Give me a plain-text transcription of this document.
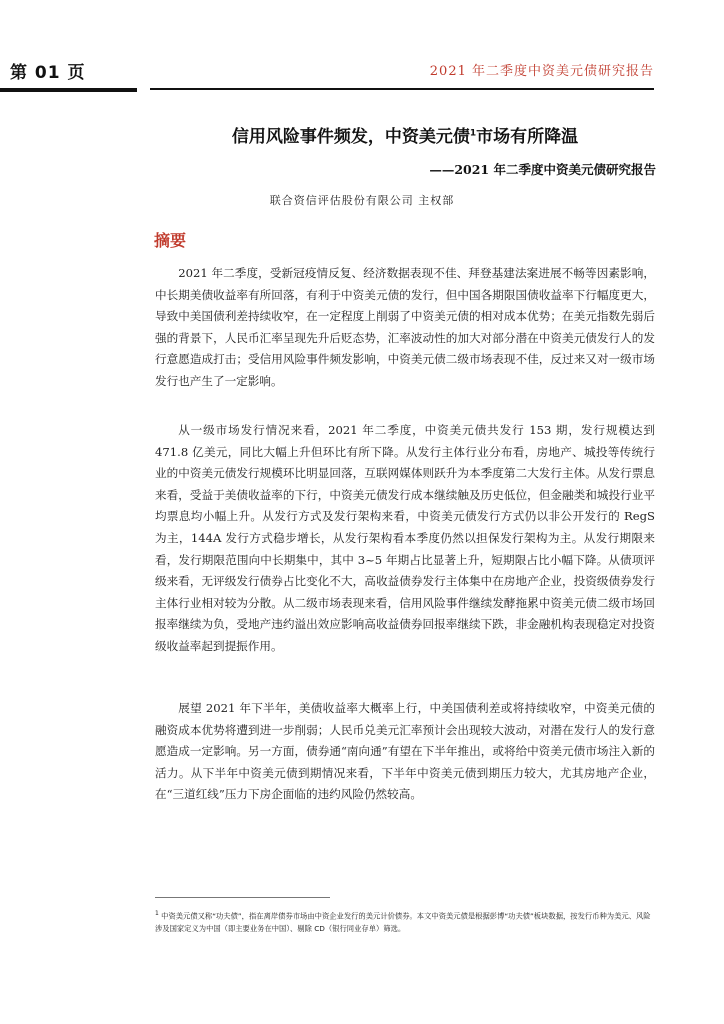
第 01 页	2021 年二季度中资美元债研究报告
信用风险事件频发，中资美元债$^1$市场有所降温
——2021 年二季度中资美元债研究报告
联合资信评估股份有限公司 主权部
摘要

2021 年二季度，受新冠疫情反复、经济数据表现不佳、拜登基建法案进展不畅等因素影响，中长期美债收益率有所回落，有利于中资美元债的发行，但中国各期限国债收益率下行幅度更大，导致中美国债利差持续收窄，在一定程度上削弱了中资美元债的相对成本优势；在美元指数先弱后强的背景下，人民币汇率呈现先升后贬态势，汇率波动性的加大对部分潜在中资美元债发行人的发行意愿造成打击；受信用风险事件频发影响，中资美元债二级市场表现不佳，反过来又对一级市场发行也产生了一定影响。

从一级市场发行情况来看，2021 年二季度，中资美元债共发行 153 期，发行规模达到 471.8 亿美元，同比大幅上升但环比有所下降。从发行主体行业分布看，房地产、城投等传统行业的中资美元债发行规模环比明显回落，互联网媒体则跃升为本季度第二大发行主体。从发行票息来看，受益于美债收益率的下行，中资美元债发行成本继续触及历史低位，但金融类和城投行业平均票息均小幅上升。从发行方式及发行架构来看，中资美元债发行方式仍以非公开发行的 RegS 为主，144A 发行方式稳步增长，从发行架构看本季度仍然以担保发行架构为主。从发行期限来看，发行期限范围向中长期集中，其中 3~5 年期占比显著上升，短期限占比小幅下降。从债项评级来看，无评级发行债券占比变化不大，高收益债券发行主体集中在房地产企业，投资级债券发行主体行业相对较为分散。从二级市场表现来看，信用风险事件继续发酵拖累中资美元债二级市场回报率继续为负，受地产违约溢出效应影响高收益债券回报率继续下跌，非金融机构表现稳定对投资级收益率起到提振作用。

展望 2021 年下半年，美债收益率大概率上行，中美国债利差或将持续收窄，中资美元债的融资成本优势将遭到进一步削弱；人民币兑美元汇率预计会出现较大波动，对潜在发行人的发行意愿造成一定影响。另一方面，债券通“南向通”有望在下半年推出，或将给中资美元债市场注入新的活力。从下半年中资美元债到期情况来看，下半年中资美元债到期压力较大，尤其房地产企业，在“三道红线”压力下房企面临的违约风险仍然较高。

$^1$ 中资美元债又称“功夫债”，指在离岸债券市场由中资企业发行的美元计价债券。本文中资美元债是根据彭博“功夫债”板块数据，按发行币种为美元、风险涉及国家定义为中国（即主要业务在中国）、剔除 CD（银行同业存单）筛选。
